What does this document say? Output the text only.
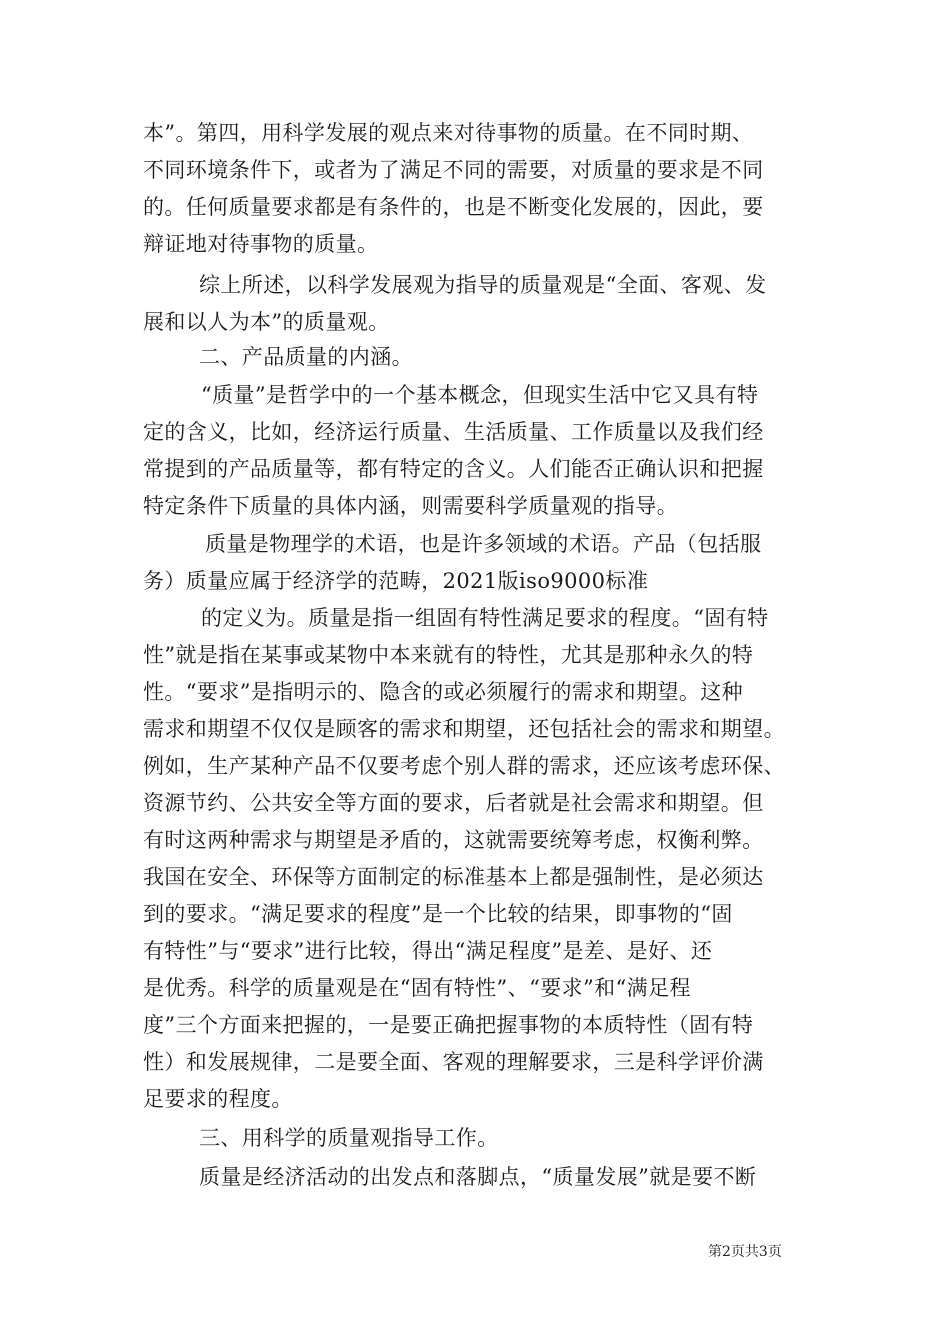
本”。第四，用科学发展的观点来对待事物的质量。在不同时期、
不同环境条件下，或者为了满足不同的需要，对质量的要求是不同
的。任何质量要求都是有条件的，也是不断变化发展的，因此，要
辩证地对待事物的质量。
综上所述，以科学发展观为指导的质量观是“全面、客观、发
展和以人为本”的质量观。
二、产品质量的内涵。
“质量”是哲学中的一个基本概念，但现实生活中它又具有特
定的含义，比如，经济运行质量、生活质量、工作质量以及我们经
常提到的产品质量等，都有特定的含义。人们能否正确认识和把握
特定条件下质量的具体内涵，则需要科学质量观的指导。
质量是物理学的术语，也是许多领域的术语。产品（包括服
务）质量应属于经济学的范畴，2021版iso9000标准
的定义为。质量是指一组固有特性满足要求的程度。“固有特
性”就是指在某事或某物中本来就有的特性，尤其是那种永久的特
性。“要求”是指明示的、隐含的或必须履行的需求和期望。这种
需求和期望不仅仅是顾客的需求和期望，还包括社会的需求和期望。
例如，生产某种产品不仅要考虑个别人群的需求，还应该考虑环保、
资源节约、公共安全等方面的要求，后者就是社会需求和期望。但
有时这两种需求与期望是矛盾的，这就需要统筹考虑，权衡利弊。
我国在安全、环保等方面制定的标准基本上都是强制性，是必须达
到的要求。“满足要求的程度”是一个比较的结果，即事物的“固
有特性”与“要求”进行比较，得出“满足程度”是差、是好、还
是优秀。科学的质量观是在“固有特性”、“要求”和“满足程
度”三个方面来把握的，一是要正确把握事物的本质特性（固有特
性）和发展规律，二是要全面、客观的理解要求，三是科学评价满
足要求的程度。
三、用科学的质量观指导工作。
质量是经济活动的出发点和落脚点，“质量发展”就是要不断
第2页共3页
